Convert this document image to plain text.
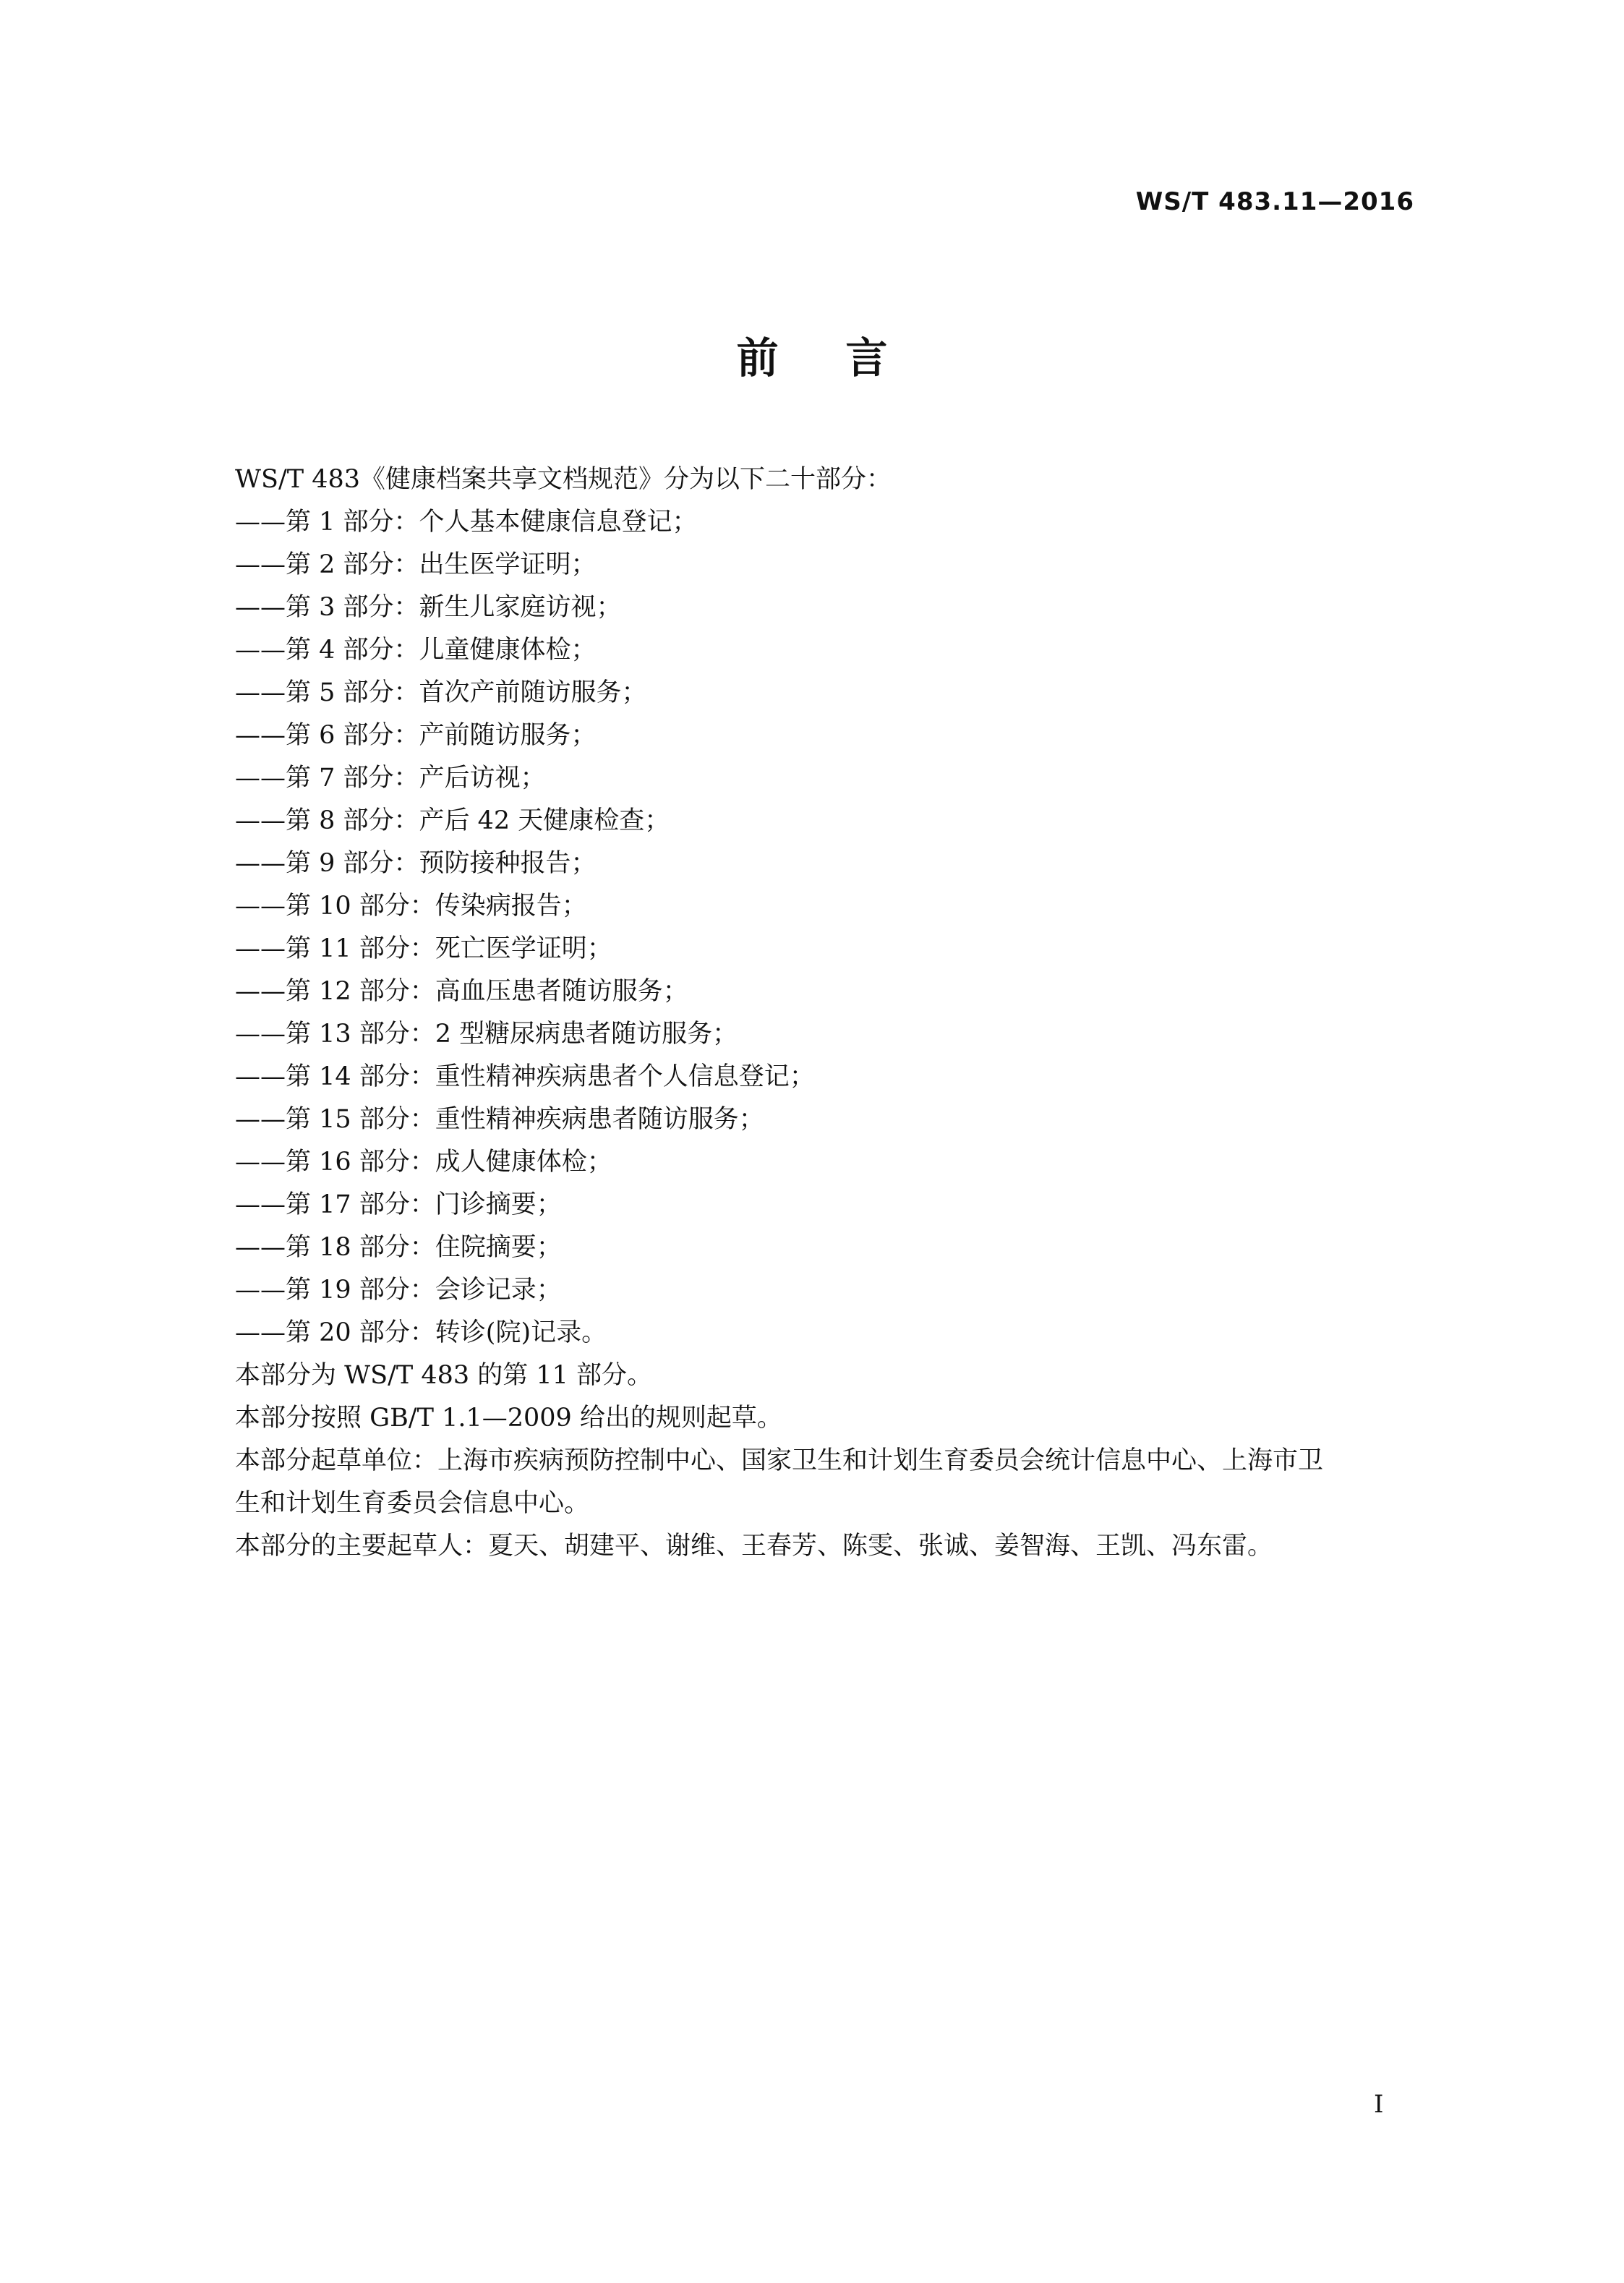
WS/T 483.11—2016
前言
WS/T 483《健康档案共享文档规范》分为以下二十部分：
——第 1 部分：个人基本健康信息登记；
——第 2 部分：出生医学证明；
——第 3 部分：新生儿家庭访视；
——第 4 部分：儿童健康体检；
——第 5 部分：首次产前随访服务；
——第 6 部分：产前随访服务；
——第 7 部分：产后访视；
——第 8 部分：产后 42 天健康检查；
——第 9 部分：预防接种报告；
——第 10 部分：传染病报告；
——第 11 部分：死亡医学证明；
——第 12 部分：高血压患者随访服务；
——第 13 部分：2 型糖尿病患者随访服务；
——第 14 部分：重性精神疾病患者个人信息登记；
——第 15 部分：重性精神疾病患者随访服务；
——第 16 部分：成人健康体检；
——第 17 部分：门诊摘要；
——第 18 部分：住院摘要；
——第 19 部分：会诊记录；
——第 20 部分：转诊(院)记录。
本部分为 WS/T 483 的第 11 部分。
本部分按照 GB/T 1.1—2009 给出的规则起草。
本部分起草单位：上海市疾病预防控制中心、国家卫生和计划生育委员会统计信息中心、上海市卫
生和计划生育委员会信息中心。
本部分的主要起草人：夏天、胡建平、谢维、王春芳、陈雯、张诚、姜智海、王凯、冯东雷。
I
